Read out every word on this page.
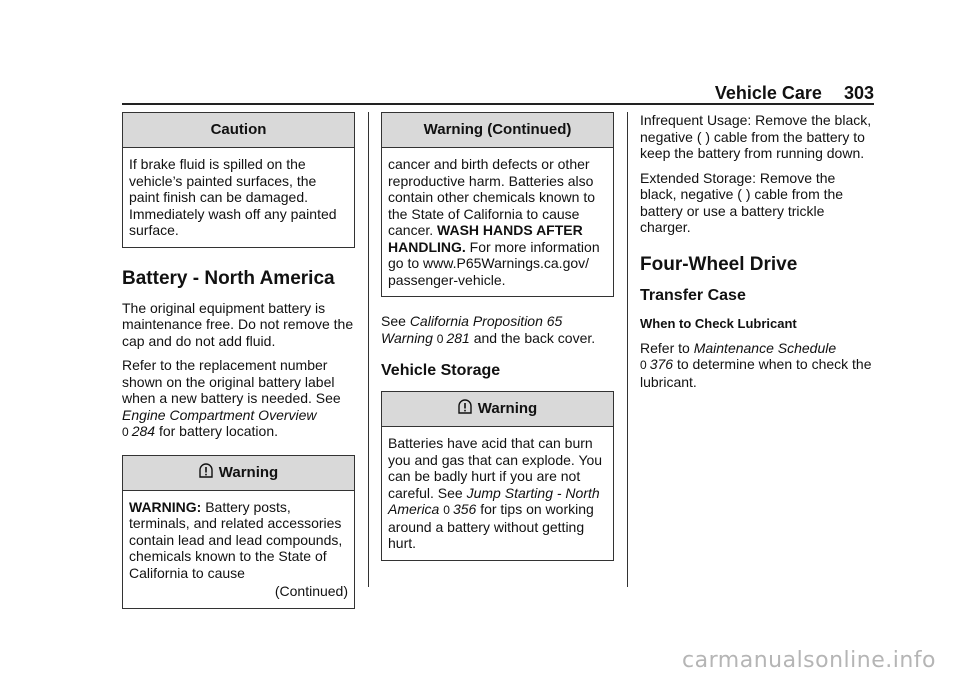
Vehicle Care 303
Caution

If brake fluid is spilled on the vehicle’s painted surfaces, the paint finish can be damaged. Immediately wash off any painted surface.

Battery - North America

The original equipment battery is maintenance free. Do not remove the cap and do not add fluid.

Refer to the replacement number shown on the original battery label when a new battery is needed. See Engine Compartment Overview
0 284 for battery location.

Warning

WARNING: Battery posts, terminals, and related accessories contain lead and lead compounds, chemicals known to the State of California to cause

(Continued)
Warning (Continued)

cancer and birth defects or other reproductive harm. Batteries also contain other chemicals known to the State of California to cause cancer. WASH HANDS AFTER HANDLING. For more information go to www.P65Warnings.ca.gov/ passenger-vehicle.

See California Proposition 65 Warning 0 281 and the back cover.

Vehicle Storage
Warning

Batteries have acid that can burn you and gas that can explode. You can be badly hurt if you are not careful. See Jump Starting - North America 0 356 for tips on working around a battery without getting hurt.

Infrequent Usage: Remove the black, negative ( ) cable from the battery to keep the battery from running down.

Extended Storage: Remove the black, negative ( ) cable from the battery or use a battery trickle charger.

Four-Wheel Drive
Transfer Case
When to Check Lubricant

Refer to Maintenance Schedule
0 376 to determine when to check the lubricant.

carmanualsonline.info
